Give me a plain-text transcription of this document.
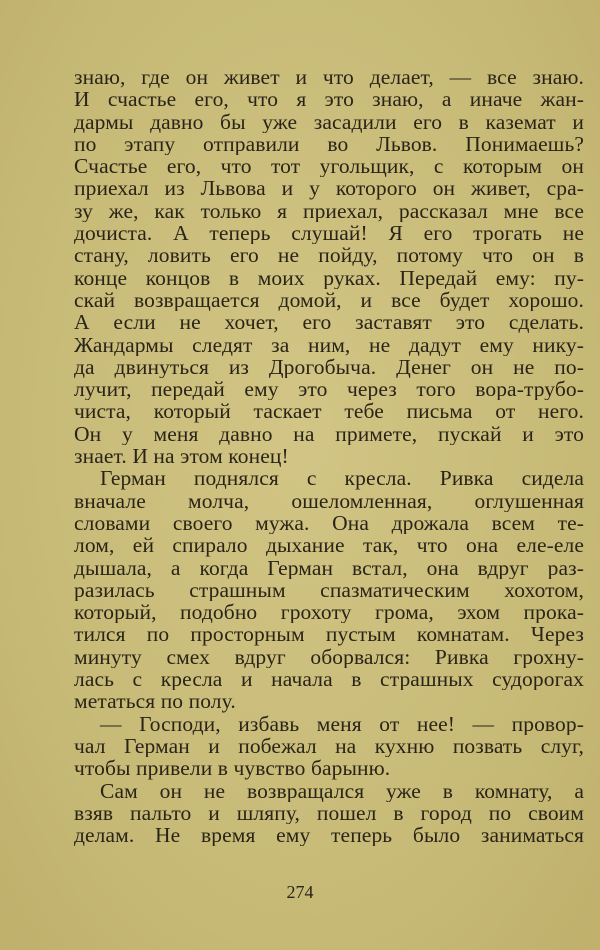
знаю, где он живет и что делает, — все знаю.
И счастье его, что я это знаю, а иначе жан-
дармы давно бы уже засадили его в каземат и
по этапу отправили во Львов. Понимаешь?
Счастье его, что тот угольщик, с которым он
приехал из Львова и у которого он живет, сра-
зу же, как только я приехал, рассказал мне все
дочиста. А теперь слушай! Я его трогать не
стану, ловить его не пойду, потому что он в
конце концов в моих руках. Передай ему: пу-
скай возвращается домой, и все будет хорошо.
А если не хочет, его заставят это сделать.
Жандармы следят за ним, не дадут ему нику-
да двинуться из Дрогобыча. Денег он не по-
лучит, передай ему это через того вора-трубо-
чиста, который таскает тебе письма от него.
Он у меня давно на примете, пускай и это
знает. И на этом конец!
Герман поднялся с кресла. Ривка сидела
вначале молча, ошеломленная, оглушенная
словами своего мужа. Она дрожала всем те-
лом, ей спирало дыхание так, что она еле-еле
дышала, а когда Герман встал, она вдруг раз-
разилась страшным спазматическим хохотом,
который, подобно грохоту грома, эхом прока-
тился по просторным пустым комнатам. Через
минуту смех вдруг оборвался: Ривка грохну-
лась с кресла и начала в страшных судорогах
метаться по полу.
— Господи, избавь меня от нее! — провор-
чал Герман и побежал на кухню позвать слуг,
чтобы привели в чувство барыню.
Сам он не возвращался уже в комнату, а
взяв пальто и шляпу, пошел в город по своим
делам. Не время ему теперь было заниматься
274
